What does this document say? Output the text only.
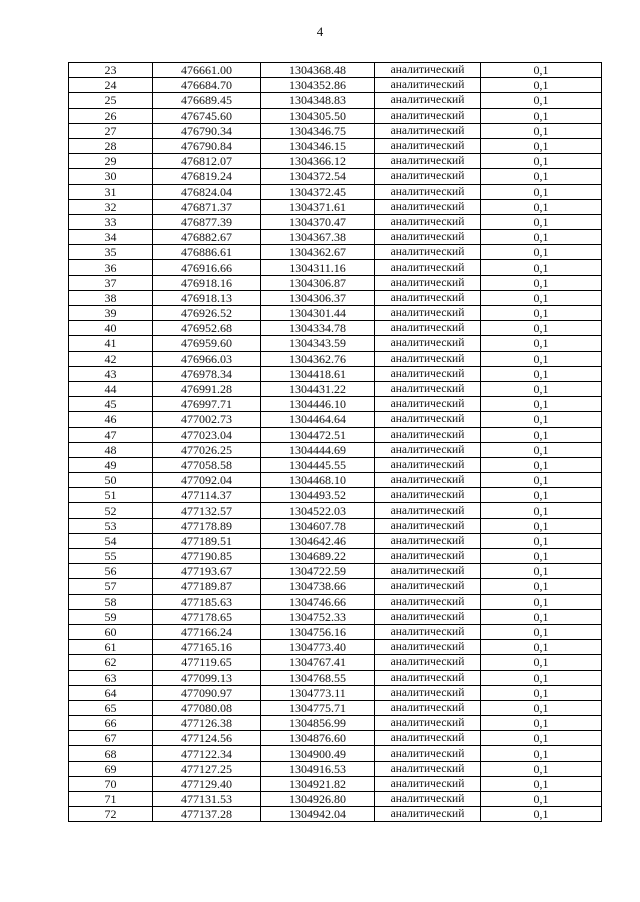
4
23	476661.00	1304368.48	аналитический	0,1
24	476684.70	1304352.86	аналитический	0,1
25	476689.45	1304348.83	аналитический	0,1
26	476745.60	1304305.50	аналитический	0,1
27	476790.34	1304346.75	аналитический	0,1
28	476790.84	1304346.15	аналитический	0,1
29	476812.07	1304366.12	аналитический	0,1
30	476819.24	1304372.54	аналитический	0,1
31	476824.04	1304372.45	аналитический	0,1
32	476871.37	1304371.61	аналитический	0,1
33	476877.39	1304370.47	аналитический	0,1
34	476882.67	1304367.38	аналитический	0,1
35	476886.61	1304362.67	аналитический	0,1
36	476916.66	1304311.16	аналитический	0,1
37	476918.16	1304306.87	аналитический	0,1
38	476918.13	1304306.37	аналитический	0,1
39	476926.52	1304301.44	аналитический	0,1
40	476952.68	1304334.78	аналитический	0,1
41	476959.60	1304343.59	аналитический	0,1
42	476966.03	1304362.76	аналитический	0,1
43	476978.34	1304418.61	аналитический	0,1
44	476991.28	1304431.22	аналитический	0,1
45	476997.71	1304446.10	аналитический	0,1
46	477002.73	1304464.64	аналитический	0,1
47	477023.04	1304472.51	аналитический	0,1
48	477026.25	1304444.69	аналитический	0,1
49	477058.58	1304445.55	аналитический	0,1
50	477092.04	1304468.10	аналитический	0,1
51	477114.37	1304493.52	аналитический	0,1
52	477132.57	1304522.03	аналитический	0,1
53	477178.89	1304607.78	аналитический	0,1
54	477189.51	1304642.46	аналитический	0,1
55	477190.85	1304689.22	аналитический	0,1
56	477193.67	1304722.59	аналитический	0,1
57	477189.87	1304738.66	аналитический	0,1
58	477185.63	1304746.66	аналитический	0,1
59	477178.65	1304752.33	аналитический	0,1
60	477166.24	1304756.16	аналитический	0,1
61	477165.16	1304773.40	аналитический	0,1
62	477119.65	1304767.41	аналитический	0,1
63	477099.13	1304768.55	аналитический	0,1
64	477090.97	1304773.11	аналитический	0,1
65	477080.08	1304775.71	аналитический	0,1
66	477126.38	1304856.99	аналитический	0,1
67	477124.56	1304876.60	аналитический	0,1
68	477122.34	1304900.49	аналитический	0,1
69	477127.25	1304916.53	аналитический	0,1
70	477129.40	1304921.82	аналитический	0,1
71	477131.53	1304926.80	аналитический	0,1
72	477137.28	1304942.04	аналитический	0,1
